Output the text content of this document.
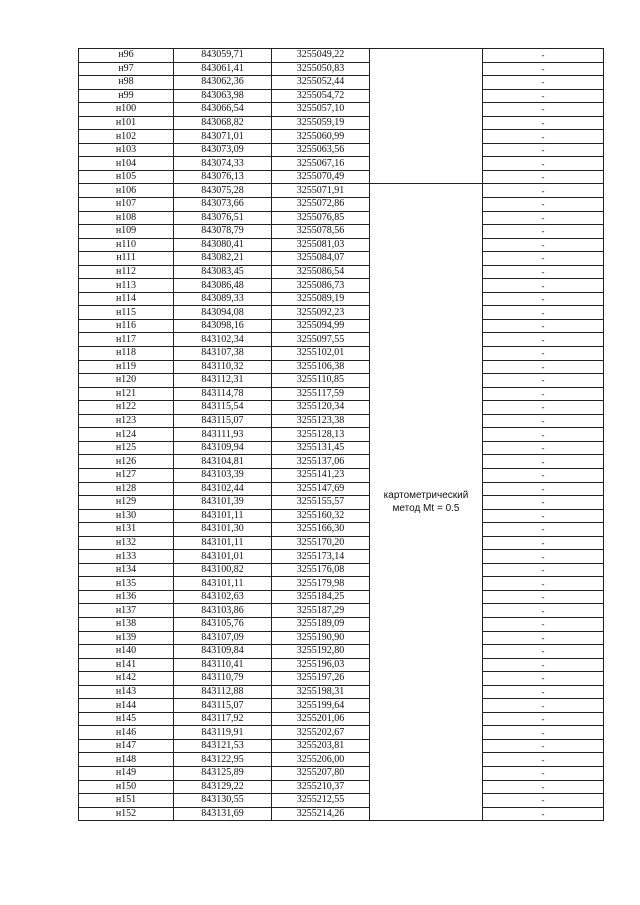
н96	843059,71	3255049,22		-
н97	843061,41	3255050,83		-
н98	843062,36	3255052,44		-
н99	843063,98	3255054,72		-
н100	843066,54	3255057,10		-
н101	843068,82	3255059,19		-
н102	843071,01	3255060,99		-
н103	843073,09	3255063,56		-
н104	843074,33	3255067,16		-
н105	843076,13	3255070,49		-
н106	843075,28	3255071,91	картометрический метод Mt = 0.5	-
н107	843073,66	3255072,86		-
н108	843076,51	3255076,85		-
н109	843078,79	3255078,56		-
н110	843080,41	3255081,03		-
н111	843082,21	3255084,07		-
н112	843083,45	3255086,54		-
н113	843086,48	3255086,73		-
н114	843089,33	3255089,19		-
н115	843094,08	3255092,23		-
н116	843098,16	3255094,99		-
н117	843102,34	3255097,55		-
н118	843107,38	3255102,01		-
н119	843110,32	3255106,38		-
н120	843112,31	3255110,85		-
н121	843114,78	3255117,59		-
н122	843115,54	3255120,34		-
н123	843115,07	3255123,38		-
н124	843111,93	3255128,13		-
н125	843109,94	3255131,45		-
н126	843104,81	3255137,06		-
н127	843103,39	3255141,23		-
н128	843102,44	3255147,69		-
н129	843101,39	3255155,57		-
н130	843101,11	3255160,32		-
н131	843101,30	3255166,30		-
н132	843101,11	3255170,20		-
н133	843101,01	3255173,14		-
н134	843100,82	3255176,08		-
н135	843101,11	3255179,98		-
н136	843102,63	3255184,25		-
н137	843103,86	3255187,29		-
н138	843105,76	3255189,09		-
н139	843107,09	3255190,90		-
н140	843109,84	3255192,80		-
н141	843110,41	3255196,03		-
н142	843110,79	3255197,26		-
н143	843112,88	3255198,31		-
н144	843115,07	3255199,64		-
н145	843117,92	3255201,06		-
н146	843119,91	3255202,67		-
н147	843121,53	3255203,81		-
н148	843122,95	3255206,00		-
н149	843125,89	3255207,80		-
н150	843129,22	3255210,37		-
н151	843130,55	3255212,55		-
н152	843131,69	3255214,26		-
